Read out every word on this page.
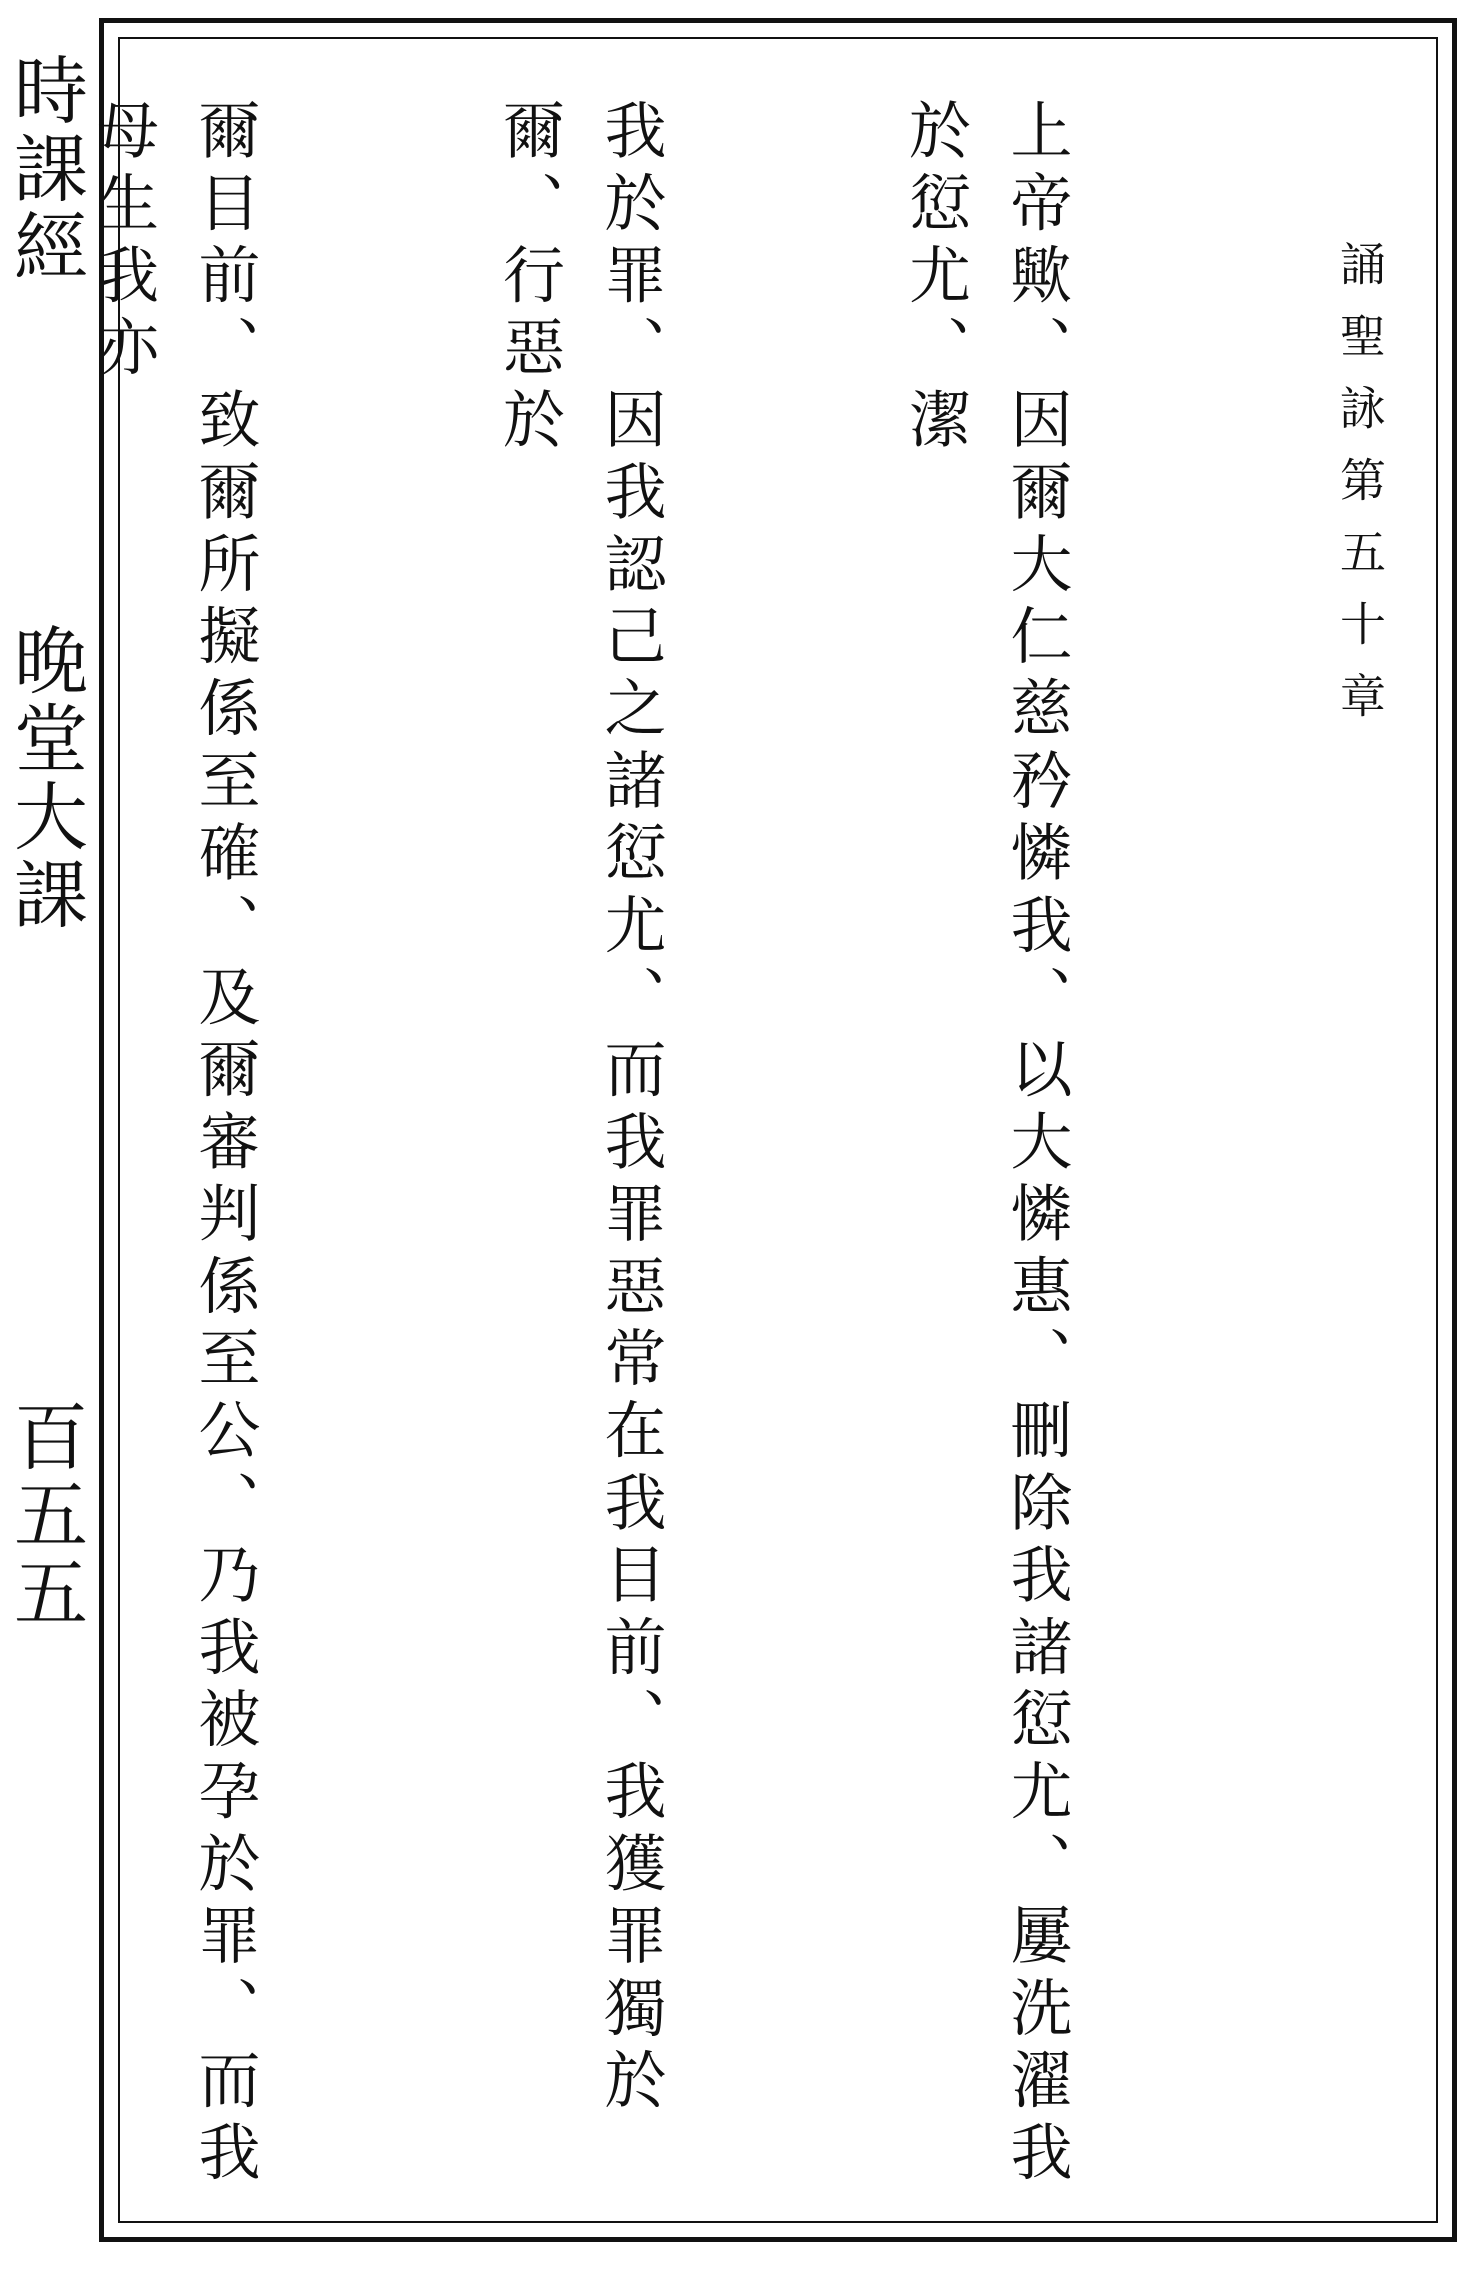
時課經
晚堂大課
百五五
誦聖詠第五十章

上帝歟、因爾大仁慈矜憐我、以大憐惠、刪除我諸愆尤、屢洗濯我於愆尤、潔

我於罪、因我認己之諸愆尤、而我罪惡常在我目前、我獲罪獨於爾、行惡於

爾目前、致爾所擬係至確、及爾審判係至公、乃我被孕於罪、而我母生我亦
